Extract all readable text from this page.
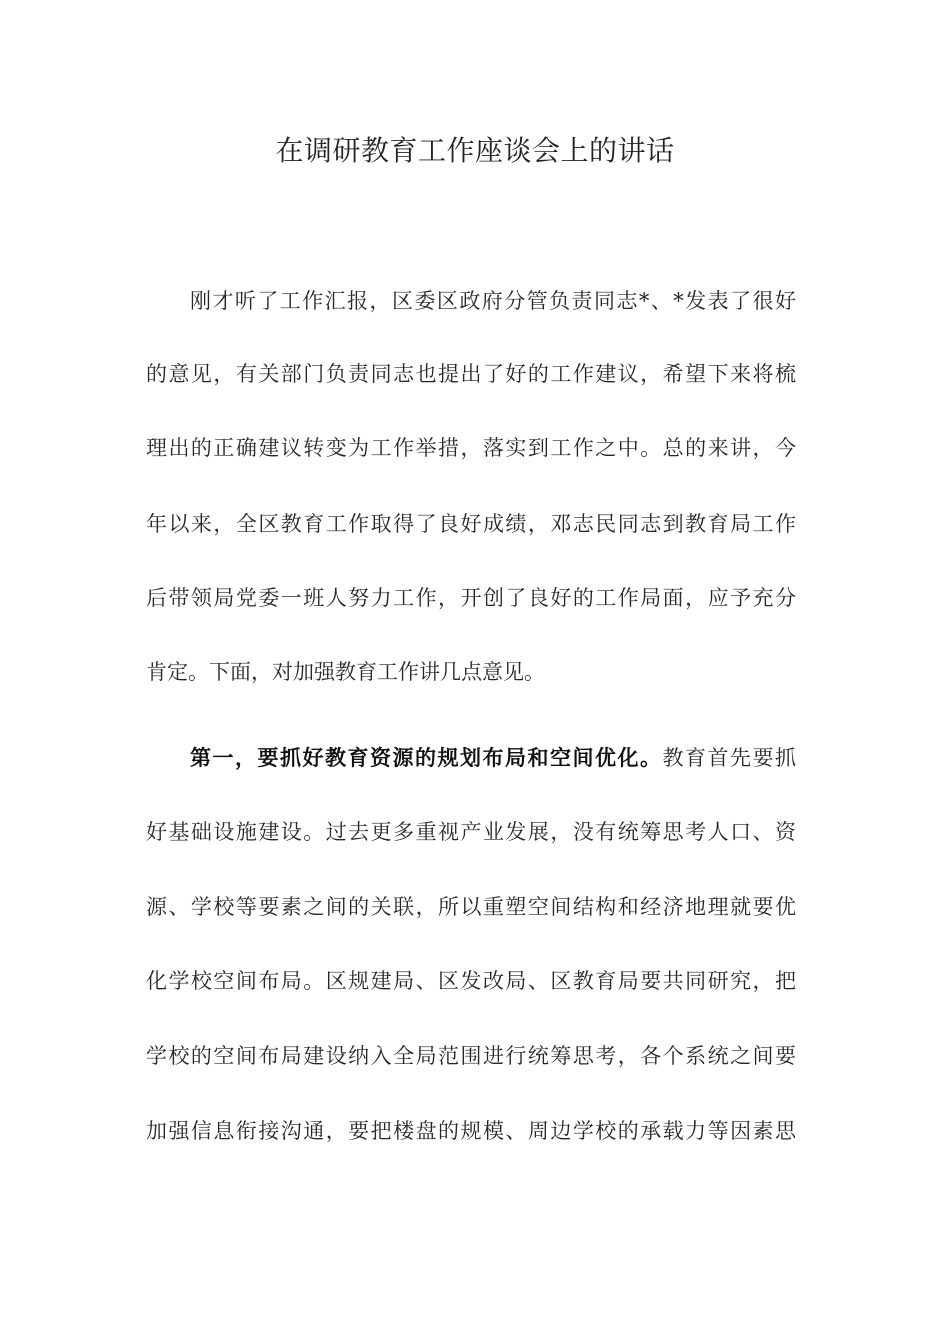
在调研教育工作座谈会上的讲话
刚才听了工作汇报，区委区政府分管负责同志*、*发表了很好
的意见，有关部门负责同志也提出了好的工作建议，希望下来将梳
理出的正确建议转变为工作举措，落实到工作之中。总的来讲，今
年以来，全区教育工作取得了良好成绩，邓志民同志到教育局工作
后带领局党委一班人努力工作，开创了良好的工作局面，应予充分
肯定。下面，对加强教育工作讲几点意见。
第一，要抓好教育资源的规划布局和空间优化。教育首先要抓
好基础设施建设。过去更多重视产业发展，没有统筹思考人口、资
源、学校等要素之间的关联，所以重塑空间结构和经济地理就要优
化学校空间布局。区规建局、区发改局、区教育局要共同研究，把
学校的空间布局建设纳入全局范围进行统筹思考，各个系统之间要
加强信息衔接沟通，要把楼盘的规模、周边学校的承载力等因素思
